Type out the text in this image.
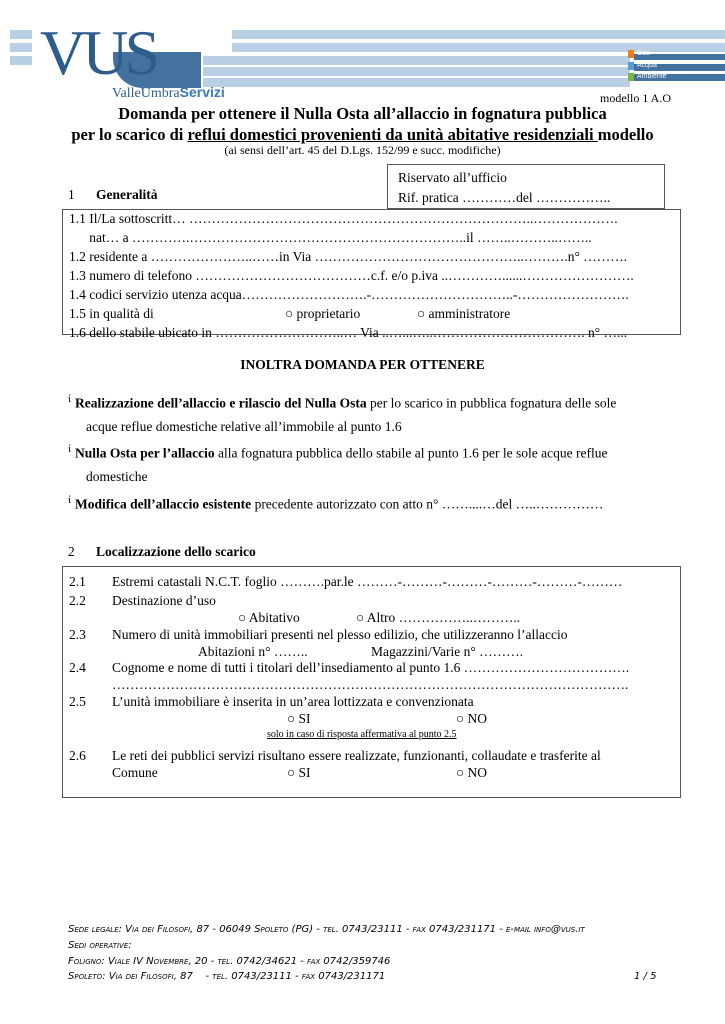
Gas
Acqua
Ambiente
VUS
ValleUmbraServizi	modello 1 A.O
Domanda per ottenere il Nulla Osta all’allaccio in fognatura pubblica
per lo scarico di reflui domestici provenienti da unità abitative residenziali modello
(ai sensi dell’art. 45 del D.Lgs. 152/99 e succ. modifiche)
Riservato all’ufficio
Rif. pratica …………del ……………..
1 Generalità
1.1 Il/La sottoscritt… …………………………………………………………………..……………….
nat… a ………….……………………………………………………..il ……..………..……..
1.2 residente a …………………..……in Via ………………………………………..……….n° ……….
1.3 numero di telefono …………………………………c.f. e/o p.iva ..…………......…………………….
1.4 codici servizio utenza acqua……………………….-…………………………..-…………………….
1.5 in qualità di	○ proprietario	○ amministratore
1.6 dello stabile ubicato in ………………………..… Via ..…...…..……………………………. n° …...
INOLTRA DOMANDA PER OTTENERE
$^ί$ Realizzazione dell’allaccio e rilascio del Nulla Osta per lo scarico in pubblica fognatura delle sole
acque reflue domestiche relative all’immobile al punto 1.6
$^ί$ Nulla Osta per l’allaccio alla fognatura pubblica dello stabile al punto 1.6 per le sole acque reflue
domestiche
$^ί$ Modifica dell’allaccio esistente precedente autorizzato con atto n° ……....…del …..……………
2 Localizzazione dello scarico
2.1 Estremi catastali N.C.T. foglio ……….par.le ………-………-………-………-………-………
2.2 Destinazione d’uso
○ Abitativo	○ Altro ……………..………..
2.3 Numero di unità immobiliari presenti nel plesso edilizio, che utilizzeranno l’allaccio
Abitazioni n° ……..	Magazzini/Varie n° ……….
2.4 Cognome e nome di tutti i titolari dell’insediamento al punto 1.6 ……………………………….
…………………………………………………………………………………………………….
2.5 L’unità immobiliare è inserita in un’area lottizzata e convenzionata
○ SI	○ NO
solo in caso di risposta affermativa al punto 2.5
2.6 Le reti dei pubblici servizi risultano essere realizzate, funzionanti, collaudate e trasferite al
Comune	○ SI	○ NO
Sede legale: Via dei Filosofi, 87 - 06049 Spoleto (PG) - tel. 0743/23111 - fax 0743/231171 - e-mail info@vus.it
Sedi operative:
Foligno: Viale IV Novembre, 20 - tel. 0742/34621 - fax 0742/359746
Spoleto: Via dei Filosofi, 87    - tel. 0743/23111 - fax 0743/231171	1 / 5
